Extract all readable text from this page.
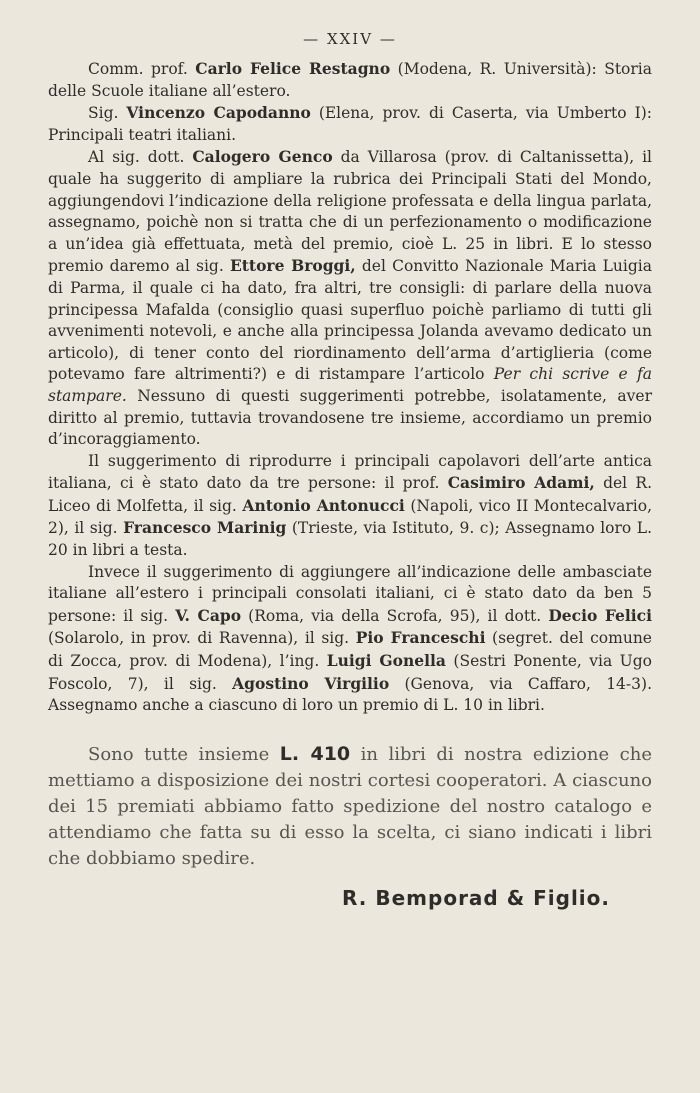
— XXIV —

Comm. prof. Carlo Felice Restagno (Modena, R. Università): Storia delle Scuole italiane all’estero.

Sig. Vincenzo Capodanno (Elena, prov. di Caserta, via Umberto I): Principali teatri italiani.

Al sig. dott. Calogero Genco da Villarosa (prov. di Caltanissetta), il quale ha suggerito di ampliare la rubrica dei Principali Stati del Mondo, aggiungendovi l’indicazione della religione professata e della lingua parlata, assegnamo, poichè non si tratta che di un perfezionamento o modificazione a un’idea già effettuata, metà del premio, cioè L. 25 in libri. E lo stesso premio daremo al sig. Ettore Broggi, del Convitto Nazionale Maria Luigia di Parma, il quale ci ha dato, fra altri, tre consigli: di parlare della nuova principessa Mafalda (consiglio quasi superfluo poichè parliamo di tutti gli avvenimenti notevoli, e anche alla principessa Jolanda avevamo dedicato un articolo), di tener conto del riordinamento dell’arma d’artiglieria (come potevamo fare altrimenti?) e di ristampare l’articolo Per chi scrive e fa stampare. Nessuno di questi suggerimenti potrebbe, isolatamente, aver diritto al premio, tuttavia trovandosene tre insieme, accordiamo un premio d’incoraggiamento.

Il suggerimento di riprodurre i principali capolavori dell’arte antica italiana, ci è stato dato da tre persone: il prof. Casimiro Adami, del R. Liceo di Molfetta, il sig. Antonio Antonucci (Napoli, vico II Montecalvario, 2), il sig. Francesco Marinig (Trieste, via Istituto, 9. c); Assegnamo loro L. 20 in libri a testa.

Invece il suggerimento di aggiungere all’indicazione delle ambasciate italiane all’estero i principali consolati italiani, ci è stato dato da ben 5 persone: il sig. V. Capo (Roma, via della Scrofa, 95), il dott. Decio Felici (Solarolo, in prov. di Ravenna), il sig. Pio Franceschi (segret. del comune di Zocca, prov. di Modena), l’ing. Luigi Gonella (Sestri Ponente, via Ugo Foscolo, 7), il sig. Agostino Virgilio (Genova, via Caffaro, 14-3). Assegnamo anche a ciascuno di loro un premio di L. 10 in libri.

Sono tutte insieme L. 410 in libri di nostra edizione che mettiamo a disposizione dei nostri cortesi cooperatori. A ciascuno dei 15 premiati abbiamo fatto spedizione del nostro catalogo e attendiamo che fatta su di esso la scelta, ci siano indicati i libri che dobbiamo spedire.

R. Bemporad & Figlio.
